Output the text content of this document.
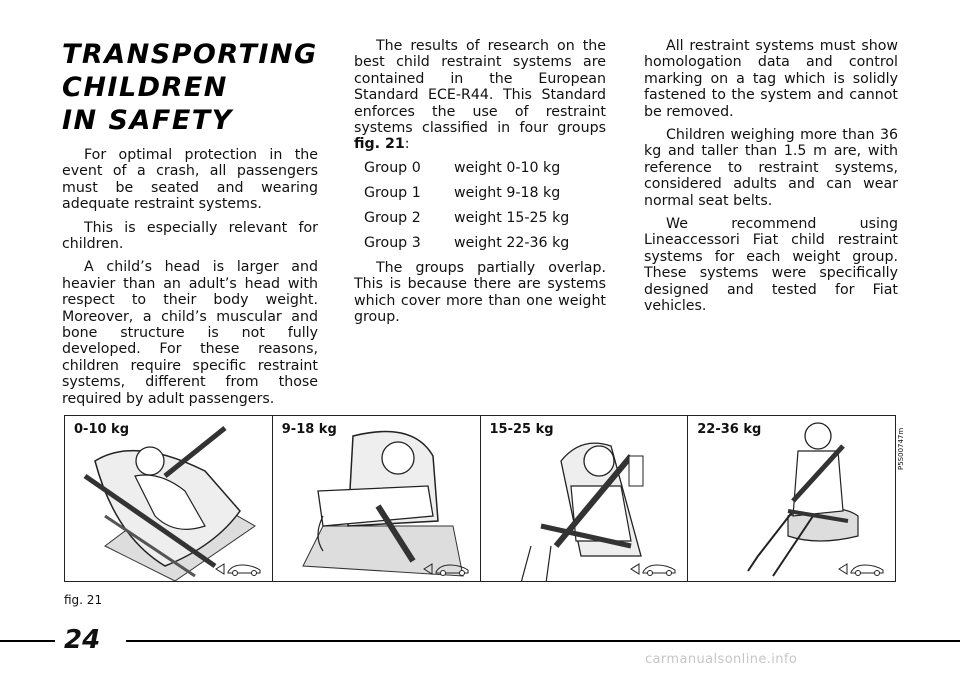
TRANSPORTING
CHILDREN
IN SAFETY

For optimal protection in the event of a crash, all passengers must be seated and wearing adequate restraint systems.

This is especially relevant for children.

A child’s head is larger and heavier than an adult’s head with respect to their body weight. Moreover, a child’s muscular and bone structure is not fully developed. For these reasons, children require specific restraint systems, different from those required by adult passengers.

The results of research on the best child restraint systems are contained in the European Standard ECE-R44. This Standard enforces the use of restraint systems classified in four groups fig. 21:

Group 0	weight 0-10 kg
Group 1	weight 9-18 kg
Group 2	weight 15-25 kg
Group 3	weight 22-36 kg

The groups partially overlap. This is because there are systems which cover more than one weight group.

All restraint systems must show homologation data and control marking on a tag which is solidly fastened to the system and cannot be removed.

Children weighing more than 36 kg and taller than 1.5 m are, with reference to restraint systems, considered adults and can wear normal seat belts.

We recommend using Lineaccessori Fiat child restraint systems for each weight group. These systems were specifically designed and tested for Fiat vehicles.

0-10 kg	9-18 kg	15-25 kg	22-36 kg	P5S00747m
fig. 21
24
carmanualsonline.info
